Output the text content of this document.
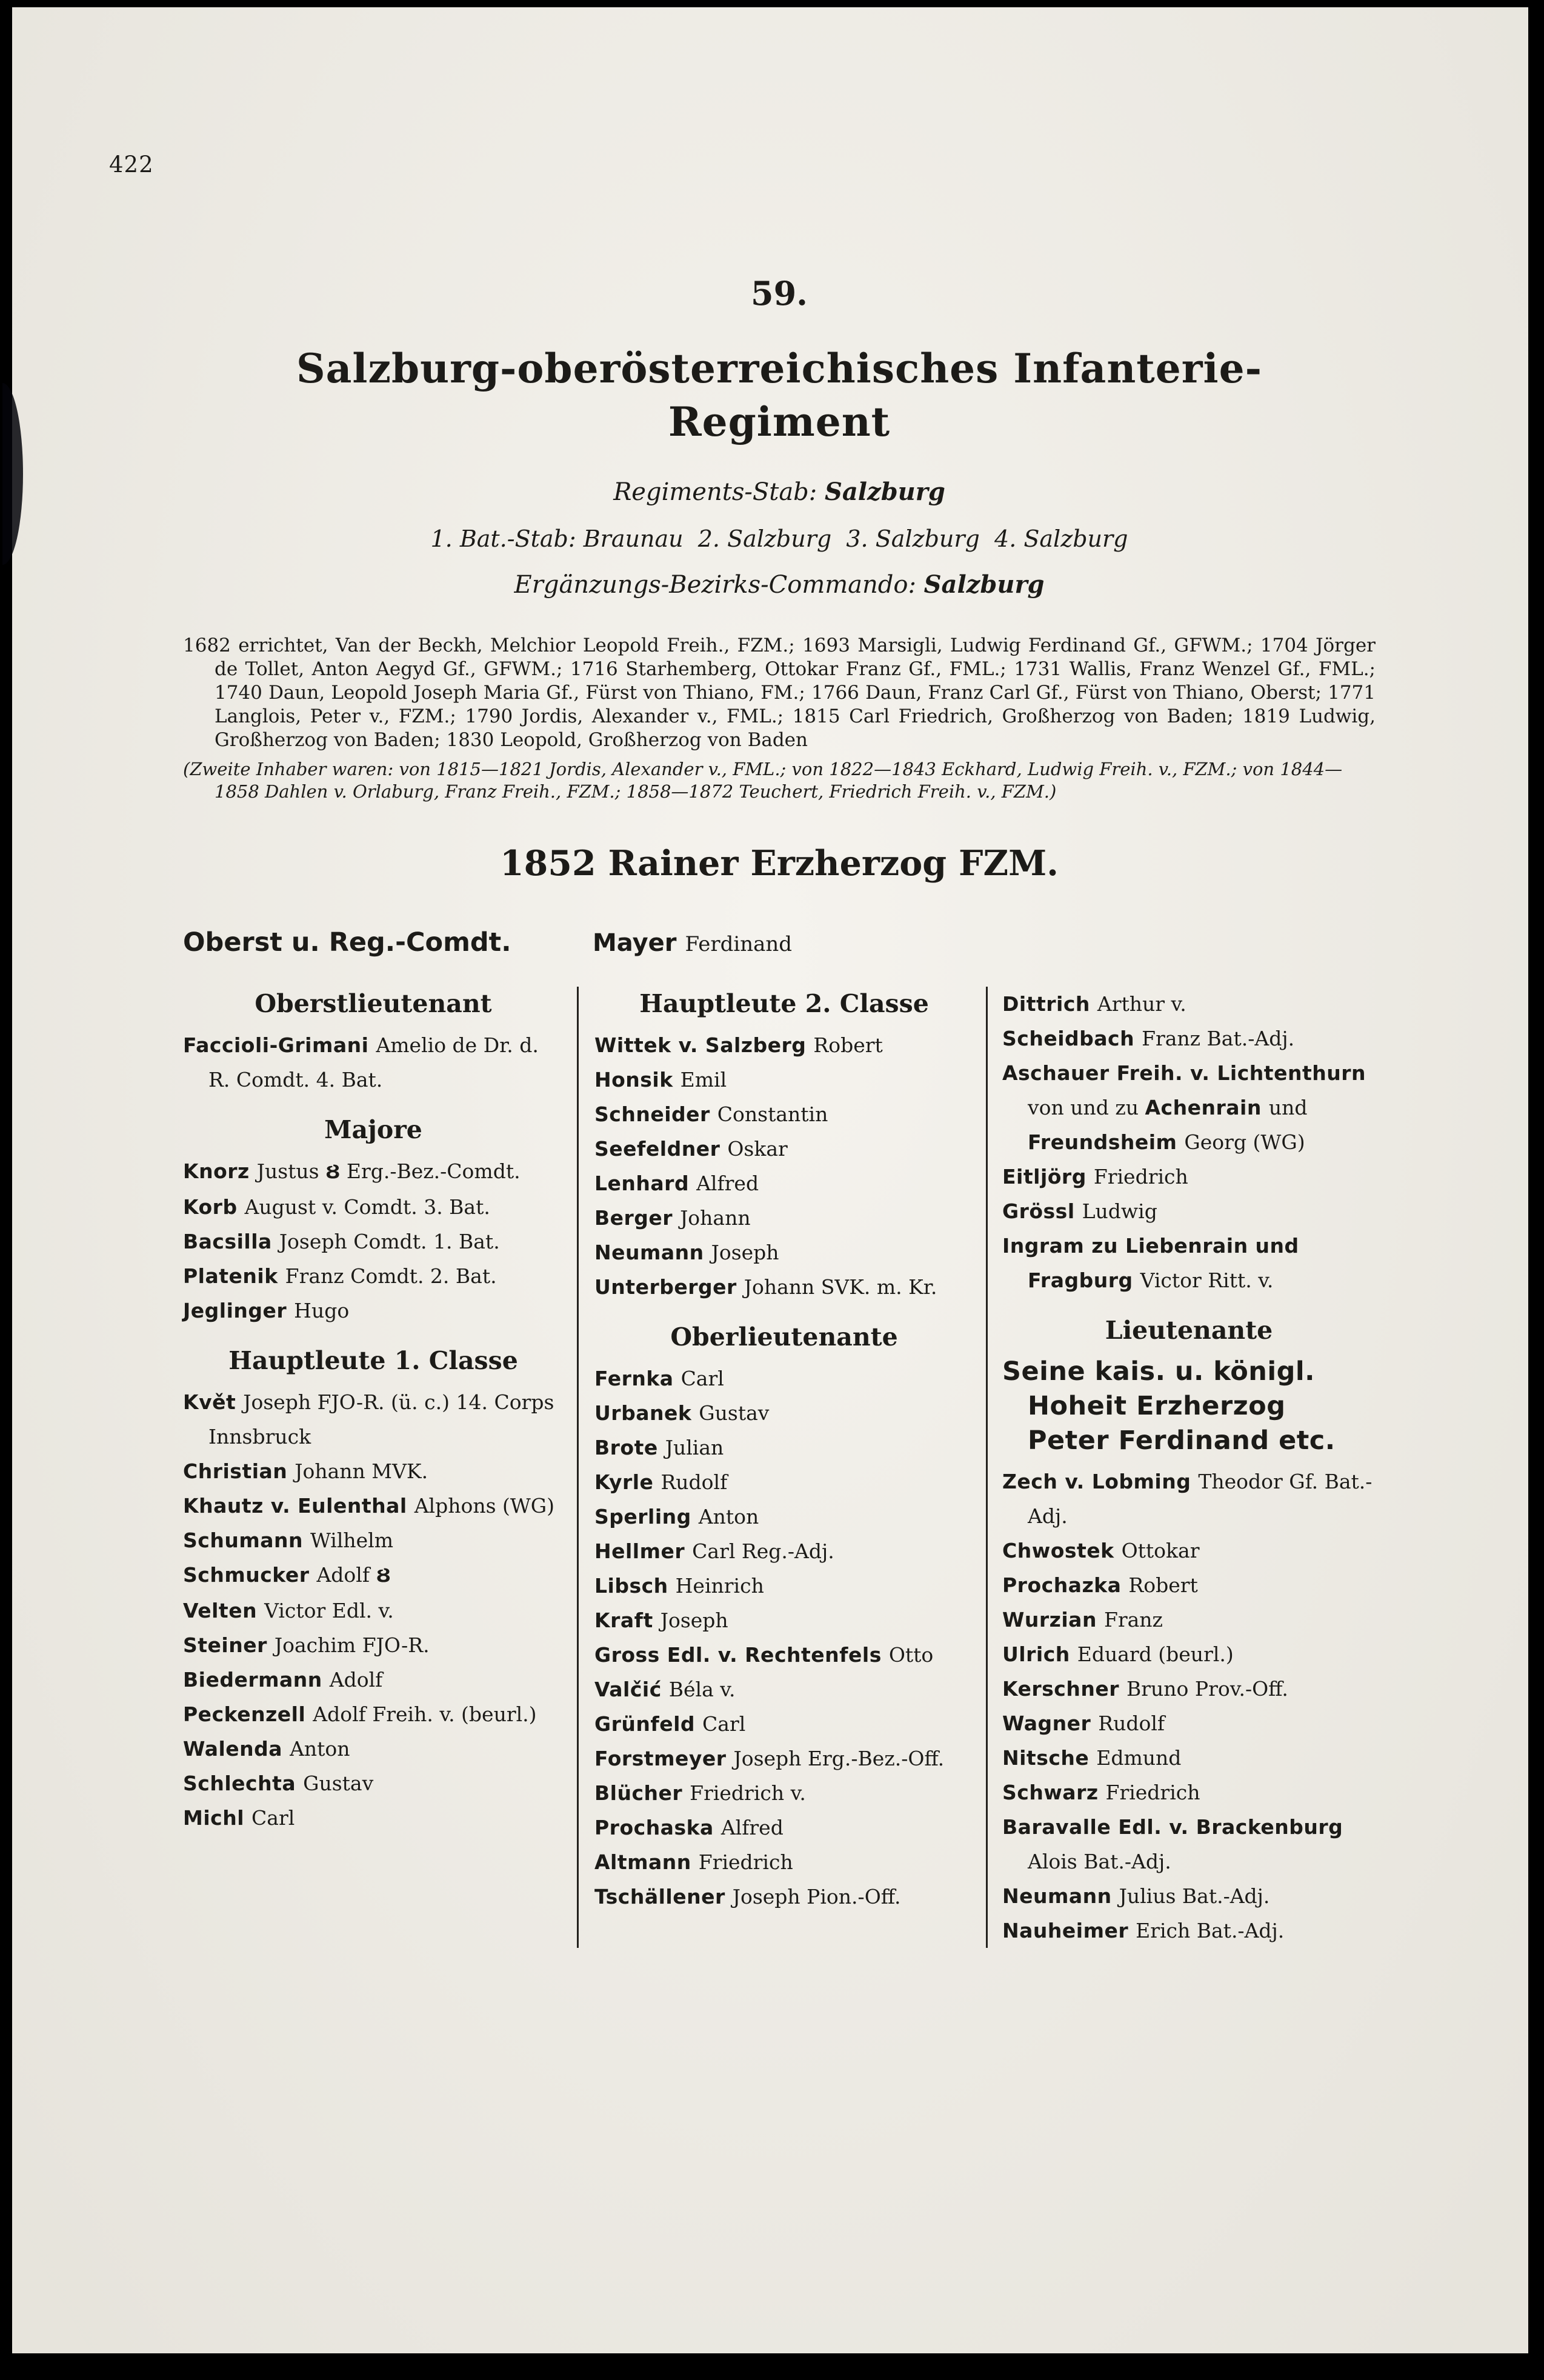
422
59.
Salzburg-oberösterreichisches Infanterie-
Regiment
Regiments-Stab: Salzburg
1. Bat.-Stab: Braunau  2. Salzburg  3. Salzburg  4. Salzburg
Ergänzungs-Bezirks-Commando: Salzburg
1682 errichtet, Van der Beckh, Melchior Leopold Freih., FZM.; 1693 Marsigli, Ludwig Ferdinand Gf., GFWM.; 1704 Jörger de Tollet, Anton Aegyd Gf., GFWM.; 1716 Starhemberg, Ottokar Franz Gf., FML.; 1731 Wallis, Franz Wenzel Gf., FML.; 1740 Daun, Leopold Joseph Maria Gf., Fürst von Thiano, FM.; 1766 Daun, Franz Carl Gf., Fürst von Thiano, Oberst; 1771 Langlois, Peter v., FZM.; 1790 Jordis, Alexander v., FML.; 1815 Carl Friedrich, Großherzog von Baden; 1819 Ludwig, Großherzog von Baden; 1830 Leopold, Großherzog von Baden
(Zweite Inhaber waren: von 1815—1821 Jordis, Alexander v., FML.; von 1822—1843 Eckhard, Ludwig Freih. v., FZM.; von 1844—1858 Dahlen v. Orlaburg, Franz Freih., FZM.; 1858—1872 Teuchert, Friedrich Freih. v., FZM.)
1852 Rainer Erzherzog FZM.
Oberst u. Reg.-Comdt.	Mayer Ferdinand
Oberstlieutenant
Faccioli-Grimani Amelio de Dr. d. R. Comdt. 4. Bat.
Majore
Knorz Justus Ȣ Erg.-Bez.-Comdt.
Korb August v. Comdt. 3. Bat.
Bacsilla Joseph Comdt. 1. Bat.
Platenik Franz Comdt. 2. Bat.
Jeglinger Hugo
Hauptleute 1. Classe
Květ Joseph FJO-R. (ü. c.) 14. Corps Innsbruck
Christian Johann MVK.
Khautz v. Eulenthal Alphons (WG)
Schumann Wilhelm
Schmucker Adolf Ȣ
Velten Victor Edl. v.
Steiner Joachim FJO-R.
Biedermann Adolf
Peckenzell Adolf Freih. v. (beurl.)
Walenda Anton
Schlechta Gustav
Michl Carl
Hauptleute 2. Classe
Wittek v. Salzberg Robert
Honsik Emil
Schneider Constantin
Seefeldner Oskar
Lenhard Alfred
Berger Johann
Neumann Joseph
Unterberger Johann SVK. m. Kr.
Oberlieutenante
Fernka Carl
Urbanek Gustav
Brote Julian
Kyrle Rudolf
Sperling Anton
Hellmer Carl Reg.-Adj.
Libsch Heinrich
Kraft Joseph
Gross Edl. v. Rechtenfels Otto
Valčić Béla v.
Grünfeld Carl
Forstmeyer Joseph Erg.-Bez.-Off.
Blücher Friedrich v.
Prochaska Alfred
Altmann Friedrich
Tschällener Joseph Pion.-Off.
Dittrich Arthur v.
Scheidbach Franz Bat.-Adj.
Aschauer Freih. v. Lichtenthurn von und zu Achenrain und Freundsheim Georg (WG)
Eitljörg Friedrich
Grössl Ludwig
Ingram zu Liebenrain und Fragburg Victor Ritt. v.
Lieutenante
Seine kais. u. königl. Hoheit Erzherzog Peter Ferdinand etc.
Zech v. Lobming Theodor Gf. Bat.-Adj.
Chwostek Ottokar
Prochazka Robert
Wurzian Franz
Ulrich Eduard (beurl.)
Kerschner Bruno Prov.-Off.
Wagner Rudolf
Nitsche Edmund
Schwarz Friedrich
Baravalle Edl. v. Brackenburg Alois Bat.-Adj.
Neumann Julius Bat.-Adj.
Nauheimer Erich Bat.-Adj.
